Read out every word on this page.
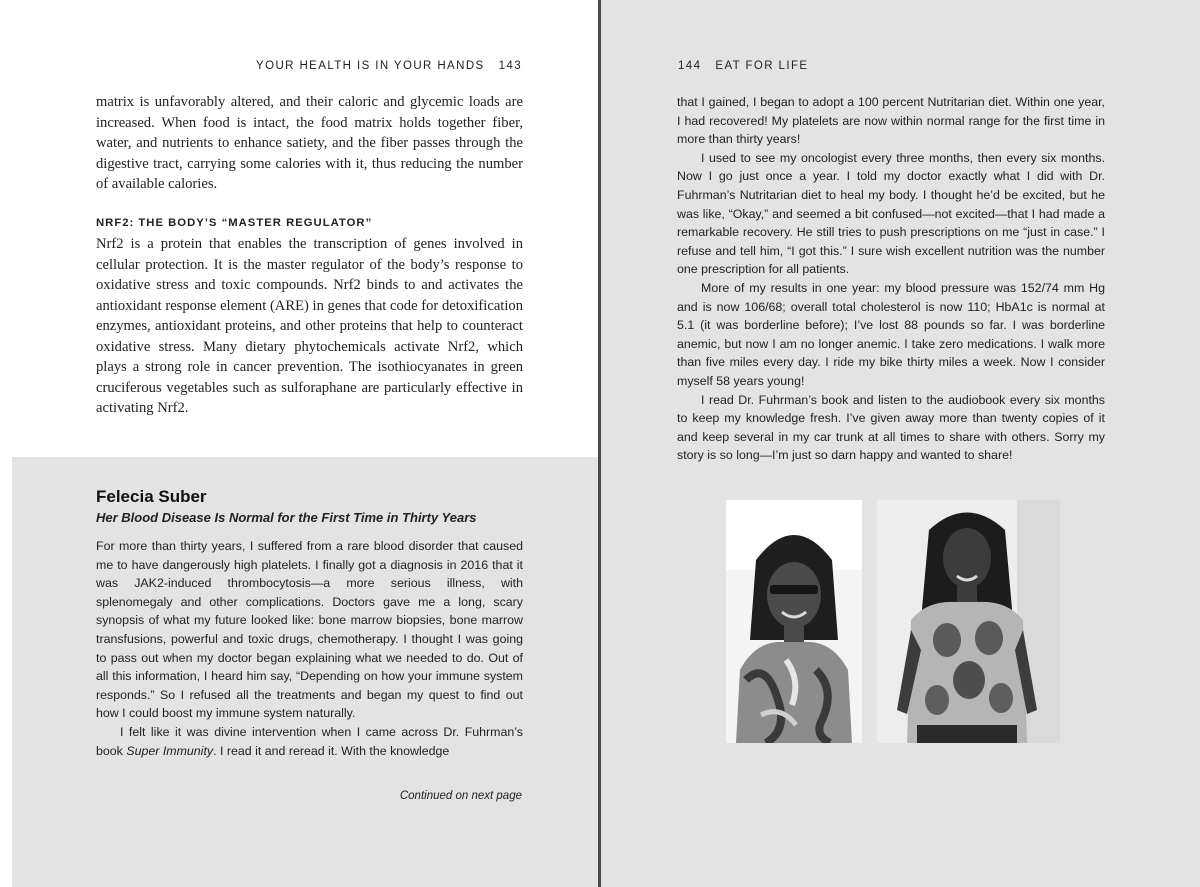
YOUR HEALTH IS IN YOUR HANDS 143

matrix is unfavorably altered, and their caloric and glycemic loads are increased. When food is intact, the food matrix holds together fiber, water, and nutrients to enhance satiety, and the fiber passes through the digestive tract, carrying some calories with it, thus reducing the number of available calories.

NRF2: THE BODY’S “MASTER REGULATOR”

Nrf2 is a protein that enables the transcription of genes involved in cellular protection. It is the master regulator of the body’s response to oxidative stress and toxic compounds. Nrf2 binds to and activates the antioxidant response element (ARE) in genes that code for detoxification enzymes, antioxidant proteins, and other proteins that help to counteract oxidative stress. Many dietary phytochemicals activate Nrf2, which plays a strong role in cancer prevention. The isothiocyanates in green cruciferous vegetables such as sulforaphane are particularly effective in activating Nrf2.

Felecia Suber
Her Blood Disease Is Normal for the First Time in Thirty Years

For more than thirty years, I suffered from a rare blood disorder that caused me to have dangerously high platelets. I finally got a diagnosis in 2016 that it was JAK2-induced thrombocytosis—a more serious illness, with splenomegaly and other complications. Doctors gave me a long, scary synopsis of what my future looked like: bone marrow biopsies, bone marrow transfusions, powerful and toxic drugs, chemotherapy. I thought I was going to pass out when my doctor began explaining what we needed to do. Out of all this information, I heard him say, “Depending on how your immune system responds.” So I refused all the treatments and began my quest to find out how I could boost my immune system naturally.

I felt like it was divine intervention when I came across Dr. Fuhrman’s book Super Immunity. I read it and reread it. With the knowledge

Continued on next page
144 EAT FOR LIFE

that I gained, I began to adopt a 100 percent Nutritarian diet. Within one year, I had recovered! My platelets are now within normal range for the first time in more than thirty years!

I used to see my oncologist every three months, then every six months. Now I go just once a year. I told my doctor exactly what I did with Dr. Fuhrman’s Nutritarian diet to heal my body. I thought he’d be excited, but he was like, “Okay,” and seemed a bit confused—not excited—that I had made a remarkable recovery. He still tries to push prescriptions on me “just in case.” I refuse and tell him, “I got this.” I sure wish excellent nutrition was the number one prescription for all patients.

More of my results in one year: my blood pressure was 152/74 mm Hg and is now 106/68; overall total cholesterol is now 110; HbA1c is normal at 5.1 (it was borderline before); I’ve lost 88 pounds so far. I was borderline anemic, but now I am no longer anemic. I take zero medications. I walk more than five miles every day. I ride my bike thirty miles a week. Now I consider myself 58 years young!

I read Dr. Fuhrman’s book and listen to the audiobook every six months to keep my knowledge fresh. I’ve given away more than twenty copies of it and keep several in my car trunk at all times to share with others. Sorry my story is so long—I’m just so darn happy and wanted to share!
